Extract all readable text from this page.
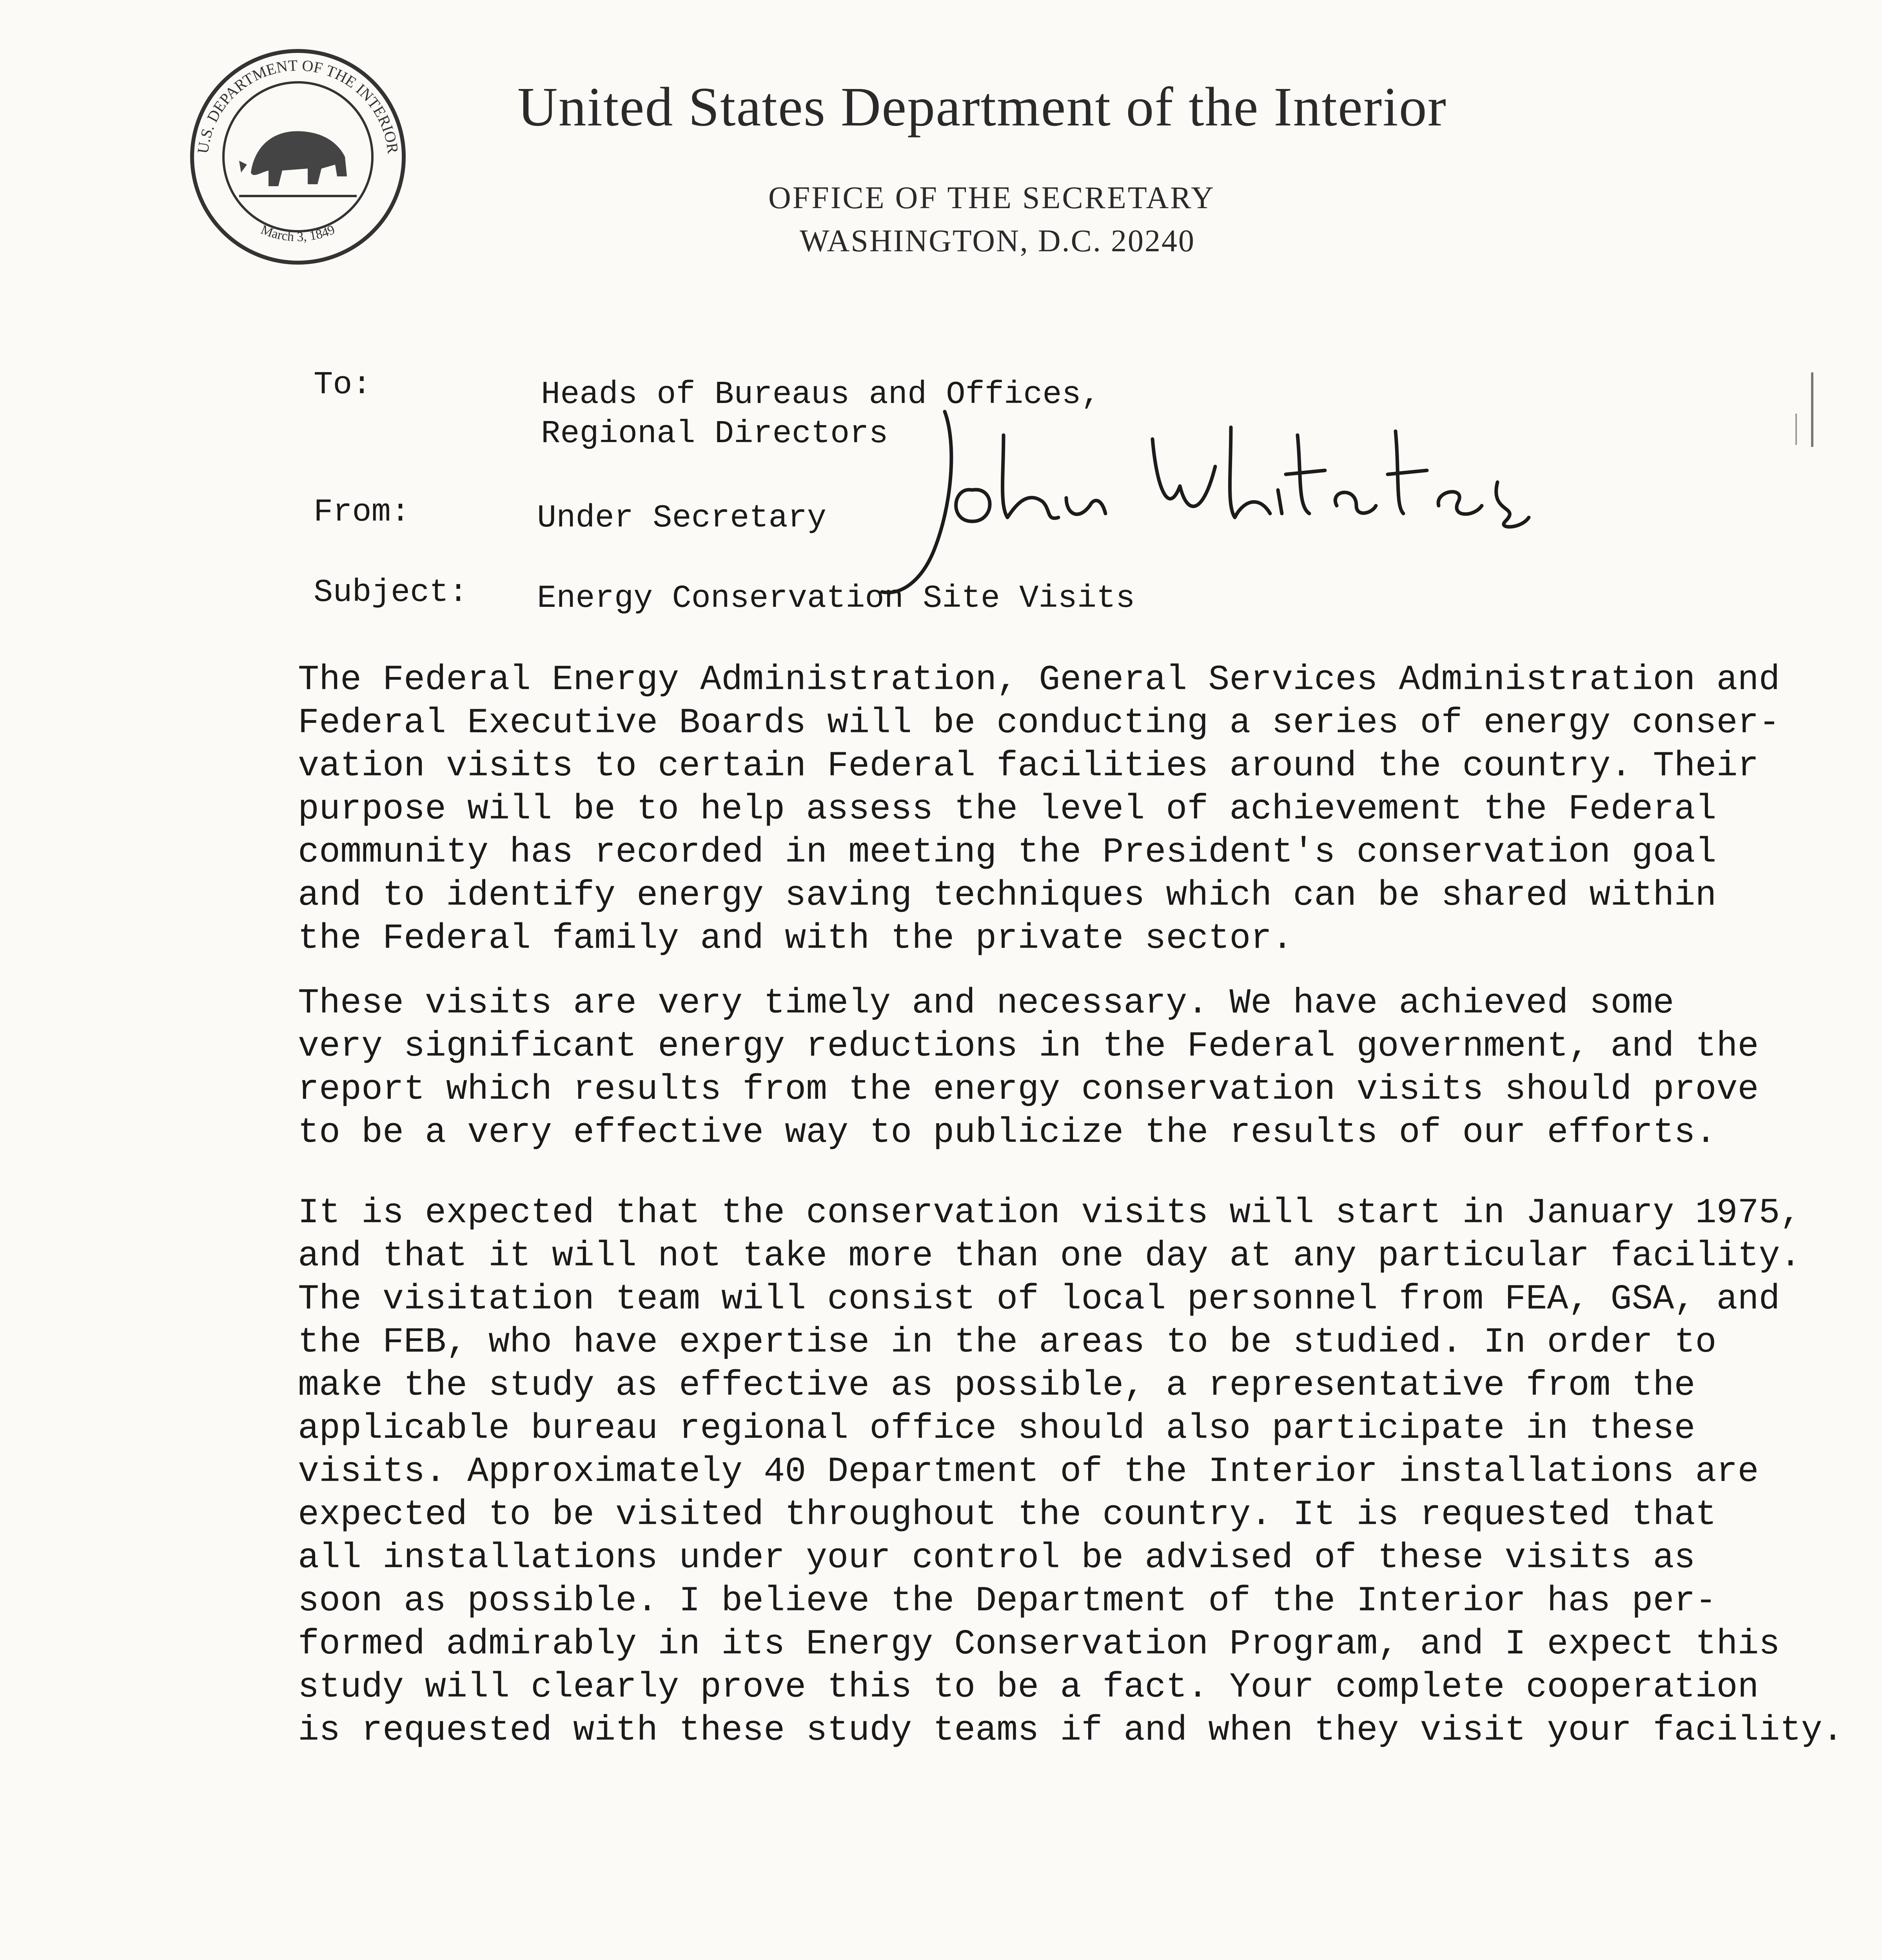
U.S. DEPARTMENT OF THE INTERIOR
March 3, 1849
United States Department of the Interior
OFFICE OF THE SECRETARY
WASHINGTON, D.C. 20240
To:	Heads of Bureaus and Offices,
Regional Directors
From:	Under Secretary
Subject: Energy Conservation Site Visits
The Federal Energy Administration, General Services Administration and
Federal Executive Boards will be conducting a series of energy conser-
vation visits to certain Federal facilities around the country. Their
purpose will be to help assess the level of achievement the Federal
community has recorded in meeting the President's conservation goal
and to identify energy saving techniques which can be shared within
the Federal family and with the private sector.
These visits are very timely and necessary. We have achieved some
very significant energy reductions in the Federal government, and the
report which results from the energy conservation visits should prove
to be a very effective way to publicize the results of our efforts.
It is expected that the conservation visits will start in January 1975,
and that it will not take more than one day at any particular facility.
The visitation team will consist of local personnel from FEA, GSA, and
the FEB, who have expertise in the areas to be studied. In order to
make the study as effective as possible, a representative from the
applicable bureau regional office should also participate in these
visits. Approximately 40 Department of the Interior installations are
expected to be visited throughout the country. It is requested that
all installations under your control be advised of these visits as
soon as possible. I believe the Department of the Interior has per-
formed admirably in its Energy Conservation Program, and I expect this
study will clearly prove this to be a fact. Your complete cooperation
is requested with these study teams if and when they visit your facility.
